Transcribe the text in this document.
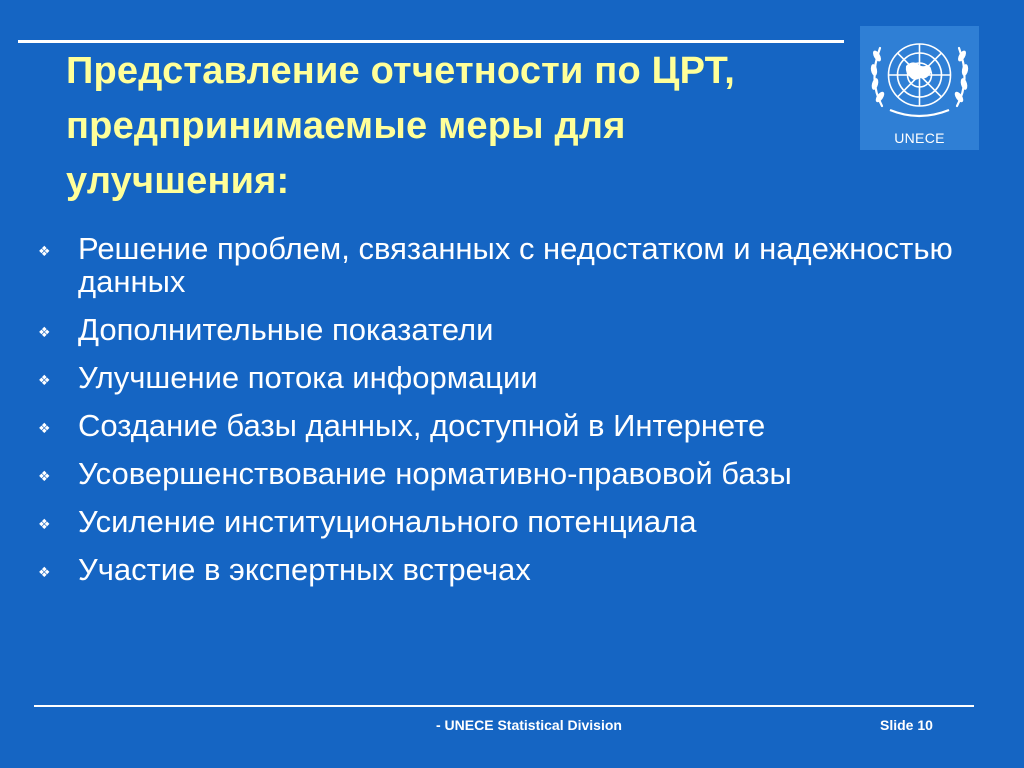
Представление отчетности по ЦРТ, предпринимаемые меры для улучшения:
UNECE
❖ Решение проблем, связанных с недостатком и надежностью данных
❖ Дополнительные показатели
❖ Улучшение потока информации
❖ Создание базы данных, доступной в Интернете
❖ Усовершенствование нормативно-правовой базы
❖ Усиление институционального потенциала
❖ Участие в экспертных встречах
- UNECE Statistical Division	Slide 10
